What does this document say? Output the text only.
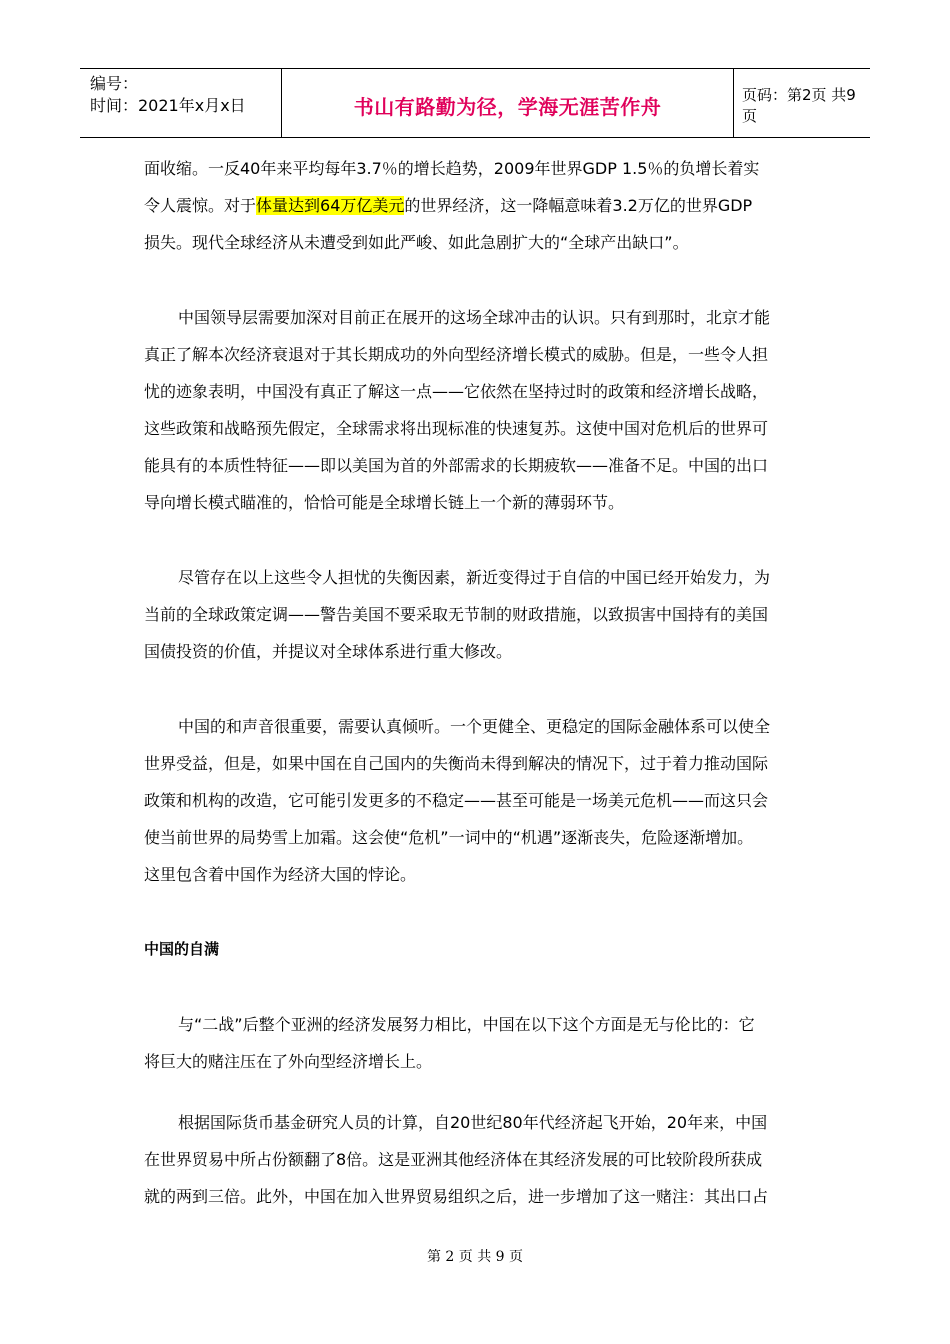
编号：
时间：2021年x月x日	书山有路勤为径，学海无涯苦作舟	页码：第2页 共9页
面收缩。一反40年来平均每年3.7％的增长趋势，2009年世界GDP 1.5％的负增长着实
令人震惊。对于体量达到64万亿美元的世界经济，这一降幅意味着3.2万亿的世界GDP
损失。现代全球经济从未遭受到如此严峻、如此急剧扩大的“全球产出缺口”。
中国领导层需要加深对目前正在展开的这场全球冲击的认识。只有到那时，北京才能
真正了解本次经济衰退对于其长期成功的外向型经济增长模式的威胁。但是，一些令人担
忧的迹象表明，中国没有真正了解这一点——它依然在坚持过时的政策和经济增长战略，
这些政策和战略预先假定，全球需求将出现标准的快速复苏。这使中国对危机后的世界可
能具有的本质性特征——即以美国为首的外部需求的长期疲软——准备不足。中国的出口
导向增长模式瞄准的，恰恰可能是全球增长链上一个新的薄弱环节。
尽管存在以上这些令人担忧的失衡因素，新近变得过于自信的中国已经开始发力，为
当前的全球政策定调——警告美国不要采取无节制的财政措施，以致损害中国持有的美国
国债投资的价值，并提议对全球体系进行重大修改。
中国的和声音很重要，需要认真倾听。一个更健全、更稳定的国际金融体系可以使全
世界受益，但是，如果中国在自己国内的失衡尚未得到解决的情况下，过于着力推动国际
政策和机构的改造，它可能引发更多的不稳定——甚至可能是一场美元危机——而这只会
使当前世界的局势雪上加霜。这会使“危机”一词中的“机遇”逐渐丧失，危险逐渐增加。
这里包含着中国作为经济大国的悖论。
中国的自满
与“二战”后整个亚洲的经济发展努力相比，中国在以下这个方面是无与伦比的：它
将巨大的赌注压在了外向型经济增长上。
根据国际货币基金研究人员的计算，自20世纪80年代经济起飞开始，20年来，中国
在世界贸易中所占份额翻了8倍。这是亚洲其他经济体在其经济发展的可比较阶段所获成
就的两到三倍。此外，中国在加入世界贸易组织之后，进一步增加了这一赌注：其出口占
第 2 页 共 9 页
